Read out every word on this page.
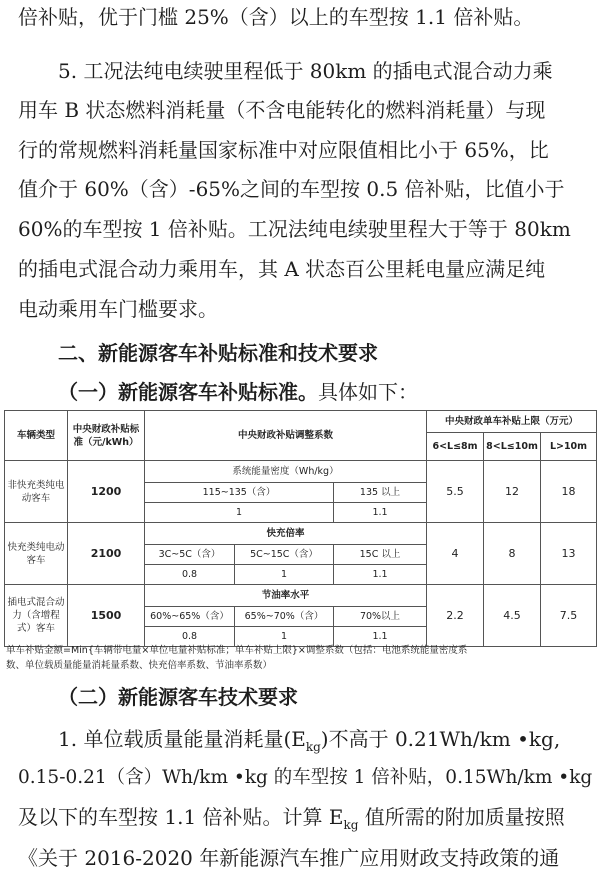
倍补贴，优于门槛 25%（含）以上的车型按 1.1 倍补贴。
5. 工况法纯电续驶里程低于 80km 的插电式混合动力乘
用车 B 状态燃料消耗量（不含电能转化的燃料消耗量）与现
行的常规燃料消耗量国家标准中对应限值相比小于 65%，比
值介于 60%（含）-65%之间的车型按 0.5 倍补贴，比值小于
60%的车型按 1 倍补贴。工况法纯电续驶里程大于等于 80km
的插电式混合动力乘用车，其 A 状态百公里耗电量应满足纯
电动乘用车门槛要求。
二、新能源客车补贴标准和技术要求
（一）新能源客车补贴标准。具体如下：
车辆类型	中央财政补贴标准（元/kWh）	中央财政补贴调整系数			中央财政单车补贴上限（万元）		
					6<L≤8m	8<L≤10m	L>10m
非快充类纯电动客车	1200	系统能量密度（Wh/kg）			5.5	12	18
		115~135（含）		135 以上			
		1		1.1			
快充类纯电动客车	2100	快充倍率			4	8	13
		3C~5C（含）	5C~15C（含）	15C 以上			
		0.8	1	1.1			
插电式混合动力（含增程式）客车	1500	节油率水平			2.2	4.5	7.5
		60%~65%（含）	65%~70%（含）	70%以上			
		0.8	1	1.1			
单车补贴金额=Min{车辆带电量×单位电量补贴标准；单车补贴上限}×调整系数（包括：电池系统能量密度系
数、单位载质量能量消耗量系数、快充倍率系数、节油率系数）
（二）新能源客车技术要求
1. 单位载质量能量消耗量$(E_{kg})$不高于 0.21Wh/km •kg,
0.15-0.21（含）Wh/km •kg 的车型按 1 倍补贴，0.15Wh/km •kg
及以下的车型按 1.1 倍补贴。计算 $E_{kg}$ 值所需的附加质量按照
《关于 2016-2020 年新能源汽车推广应用财政支持政策的通
